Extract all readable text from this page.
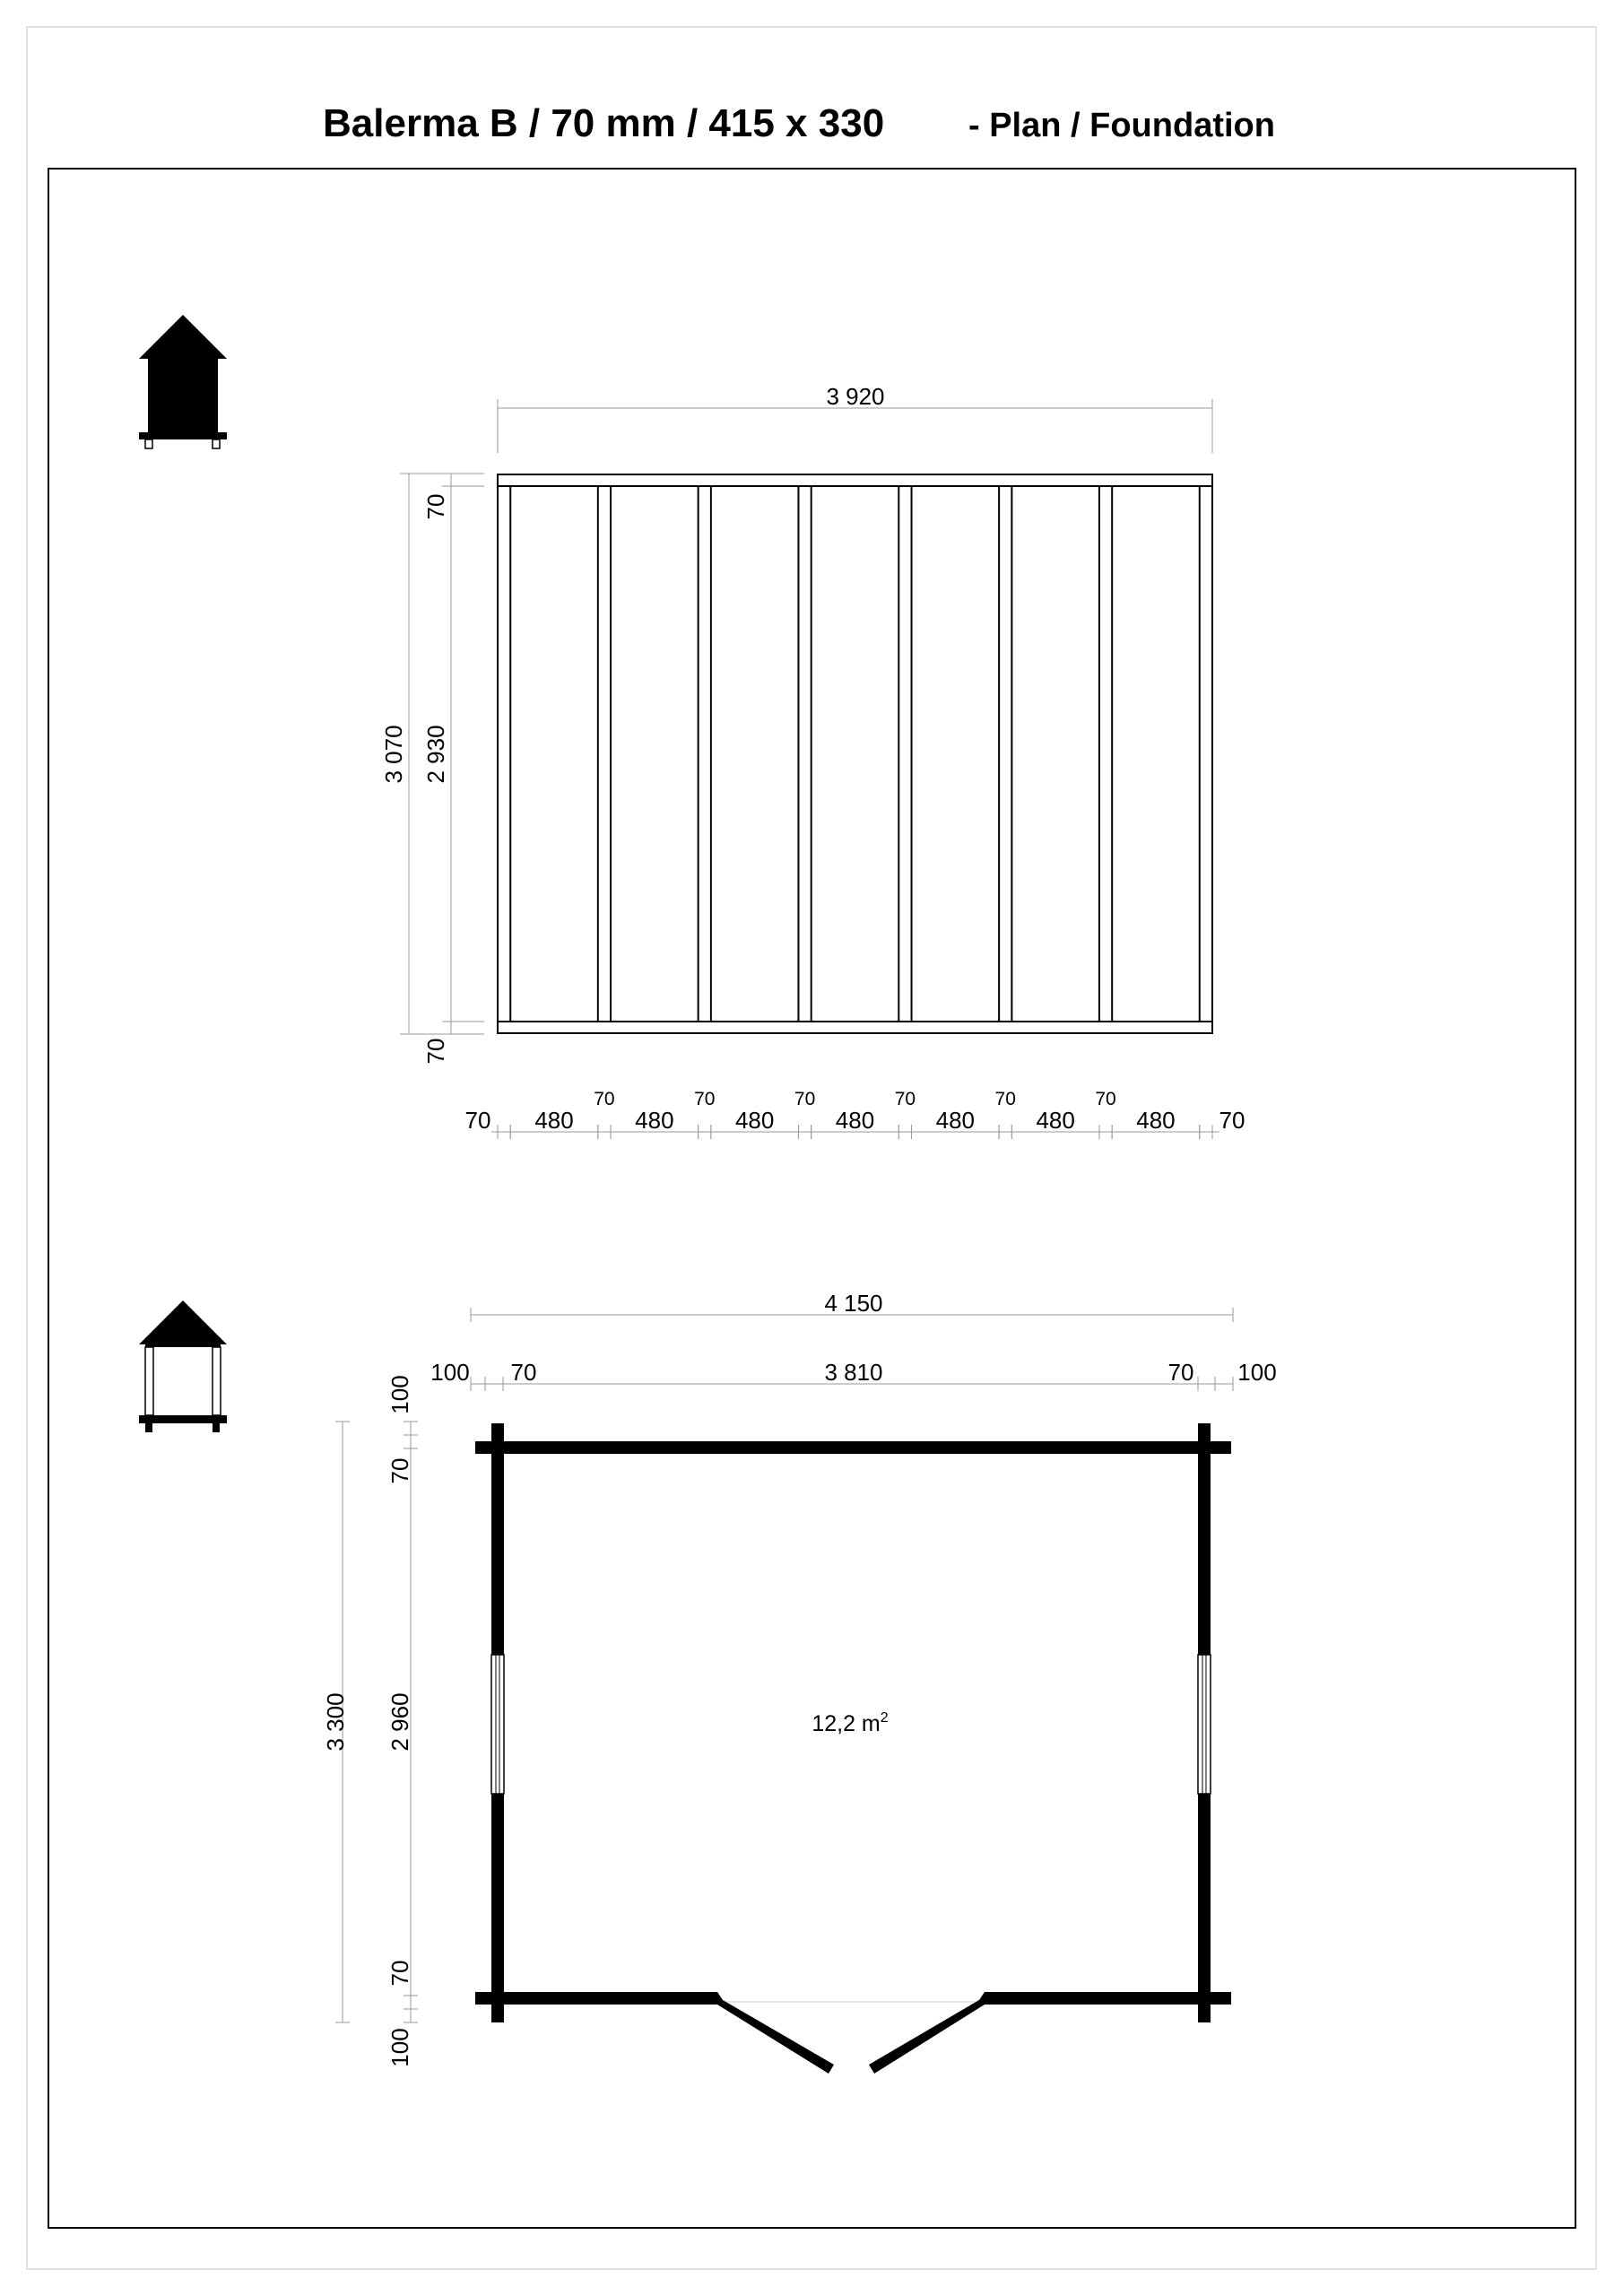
Balerma B / 70 mm / 415 x 330 - Plan / Foundation
3 920
3 070 2 930
70
70
70 480
70
480
70
480
70
480
70
480
70
480
70
480 70
4 150
100 70	3 810	70 100
3 300 2 960
100
70
70
100
12,2 $m^2$
